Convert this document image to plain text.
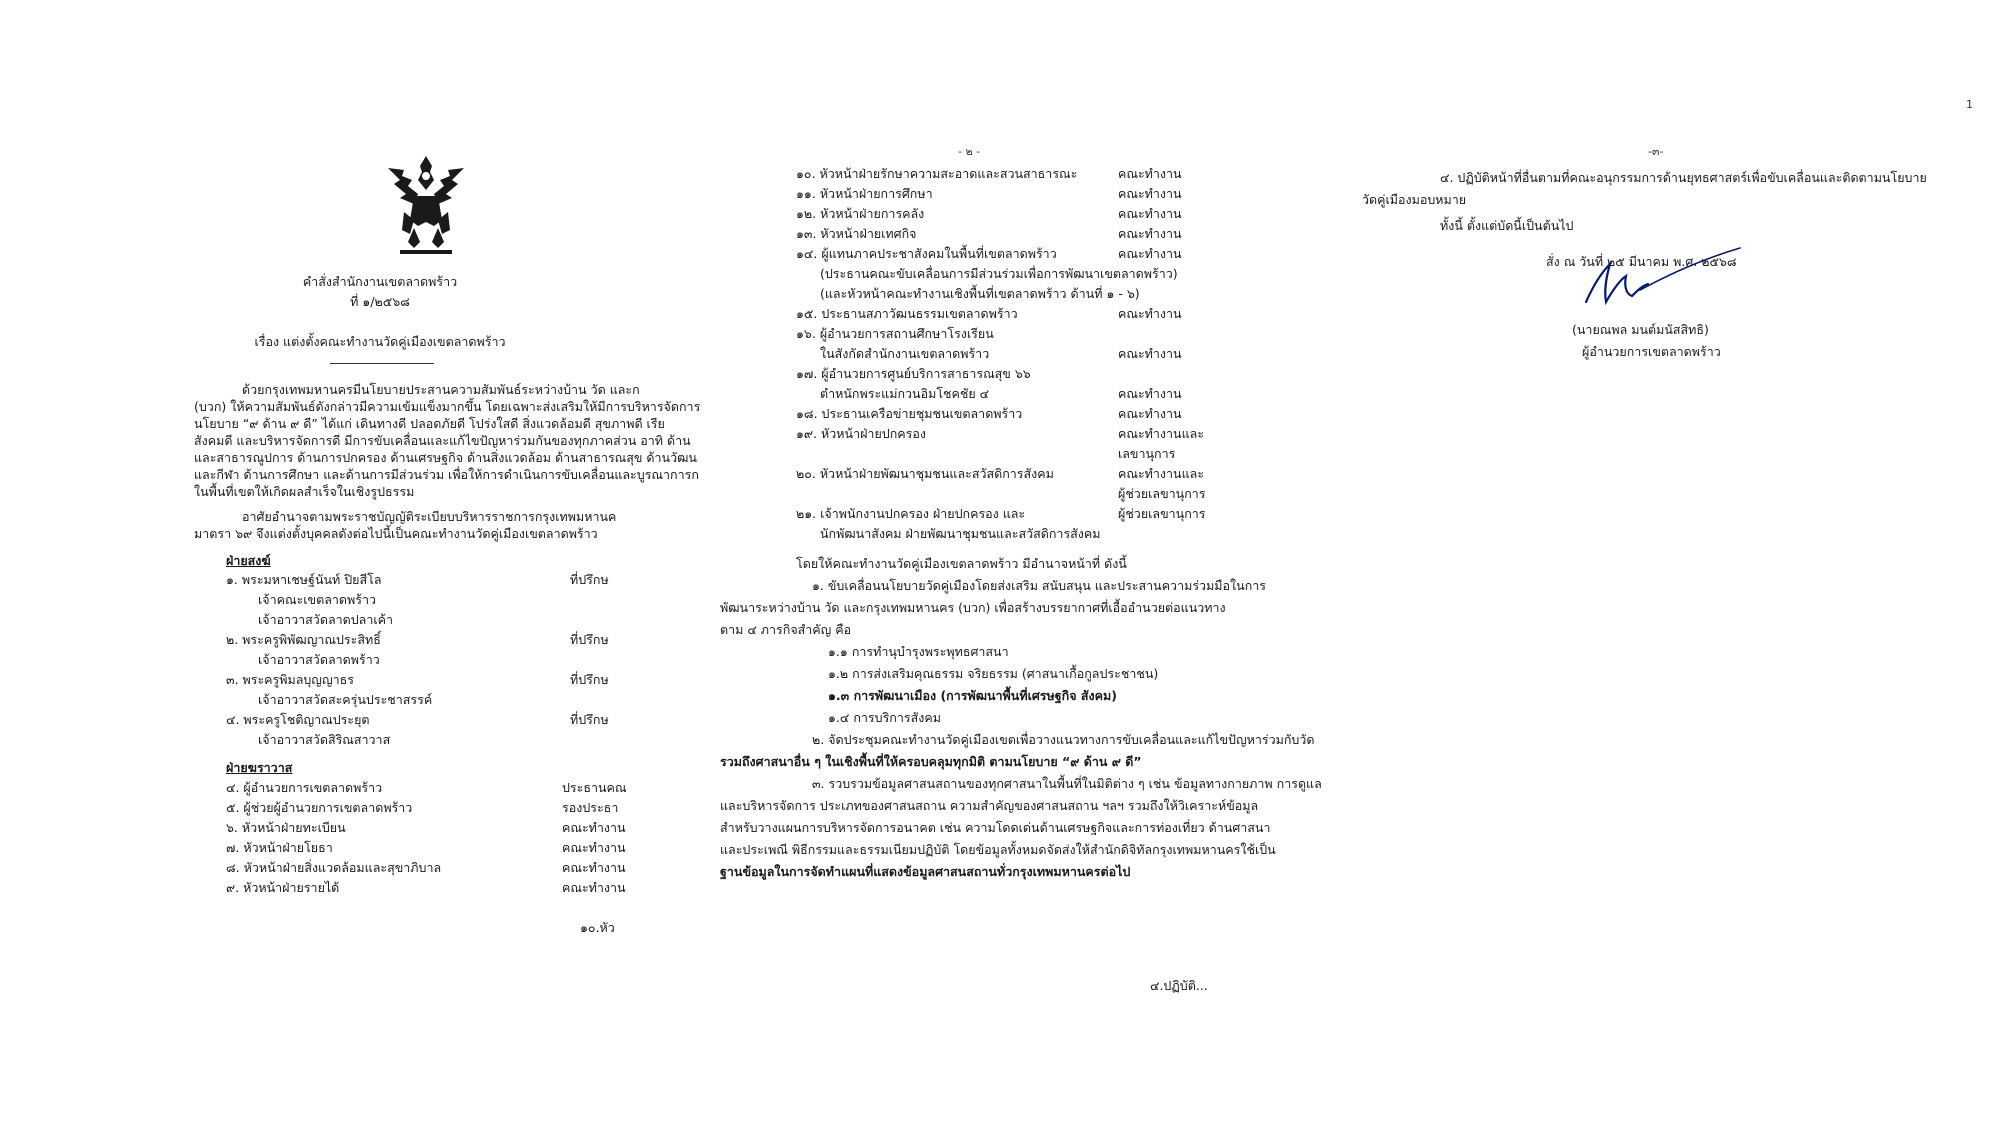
คำสั่งสำนักงานเขตลาดพร้าว
ที่ ๑/๒๕๖๘
เรื่อง แต่งตั้งคณะทำงานวัดคู่เมืองเขตลาดพร้าว
ด้วยกรุงเทพมหานครมีนโยบายประสานความสัมพันธ์ระหว่างบ้าน วัด และก
(บวก) ให้ความสัมพันธ์ดังกล่าวมีความเข้มแข็งมากขึ้น โดยเฉพาะส่งเสริมให้มีการบริหารจัดการ
นโยบาย “๙ ด้าน ๙ ดี” ได้แก่ เดินทางดี ปลอดภัยดี โปร่งใสดี สิ่งแวดล้อมดี สุขภาพดี เรีย
สังคมดี และบริหารจัดการดี มีการขับเคลื่อนและแก้ไขปัญหาร่วมกันของทุกภาคส่วน อาทิ ด้าน
และสาธารณูปการ ด้านการปกครอง ด้านเศรษฐกิจ ด้านสิ่งแวดล้อม ด้านสาธารณสุข ด้านวัฒน
และกีฬา ด้านการศึกษา และด้านการมีส่วนร่วม เพื่อให้การดำเนินการขับเคลื่อนและบูรณาการก
ในพื้นที่เขตให้เกิดผลสำเร็จในเชิงรูปธรรม
อาศัยอำนาจตามพระราชบัญญัติระเบียบบริหารราชการกรุงเทพมหานค
มาตรา ๖๙ จึงแต่งตั้งบุคคลดังต่อไปนี้เป็นคณะทำงานวัดคู่เมืองเขตลาดพร้าว
ฝ่ายสงฆ์
๑. พระมหาเชษฐ์นันท์ ปิยสีโล	ที่ปรึกษ
เจ้าคณะเขตลาดพร้าว
เจ้าอาวาสวัดลาดปลาเค้า
๒. พระครูพิพัฒญาณประสิทธิ์	ที่ปรึกษ
เจ้าอาวาสวัดลาดพร้าว
๓. พระครูพิมลบุญญาธร	ที่ปรึกษ
เจ้าอาวาสวัดสะครุ่นประชาสรรค์
๔. พระครูโชติญาณประยุต	ที่ปรึกษ
เจ้าอาวาสวัดสิริณสาวาส
ฝ่ายฆราวาส
๔. ผู้อำนวยการเขตลาดพร้าว	ประธานคณ
๕. ผู้ช่วยผู้อำนวยการเขตลาดพร้าว	รองประธา
๖. หัวหน้าฝ่ายทะเบียน	คณะทำงาน
๗. หัวหน้าฝ่ายโยธา	คณะทำงาน
๘. หัวหน้าฝ่ายสิ่งแวดล้อมและสุขาภิบาล	คณะทำงาน
๙. หัวหน้าฝ่ายรายได้	คณะทำงาน
๑๐.หัว
- ๒ -
๑๐. หัวหน้าฝ่ายรักษาความสะอาดและสวนสาธารณะ	คณะทำงาน
๑๑. หัวหน้าฝ่ายการศึกษา	คณะทำงาน
๑๒. หัวหน้าฝ่ายการคลัง	คณะทำงาน
๑๓. หัวหน้าฝ่ายเทศกิจ	คณะทำงาน
๑๔. ผู้แทนภาคประชาสังคมในพื้นที่เขตลาดพร้าว	คณะทำงาน
(ประธานคณะขับเคลื่อนการมีส่วนร่วมเพื่อการพัฒนาเขตลาดพร้าว)
(และหัวหน้าคณะทำงานเชิงพื้นที่เขตลาดพร้าว ด้านที่ ๑ - ๖)
๑๕. ประธานสภาวัฒนธรรมเขตลาดพร้าว	คณะทำงาน
๑๖. ผู้อำนวยการสถานศึกษาโรงเรียน
ในสังกัดสำนักงานเขตลาดพร้าว	คณะทำงาน
๑๗. ผู้อำนวยการศูนย์บริการสาธารณสุข ๖๖
ตำหนักพระแม่กวนอิมโชคชัย ๔	คณะทำงาน
๑๘. ประธานเครือข่ายชุมชนเขตลาดพร้าว	คณะทำงาน
๑๙. หัวหน้าฝ่ายปกครอง	คณะทำงานและ
เลขานุการ
๒๐. หัวหน้าฝ่ายพัฒนาชุมชนและสวัสดิการสังคม	คณะทำงานและ
ผู้ช่วยเลขานุการ
๒๑. เจ้าพนักงานปกครอง ฝ่ายปกครอง และ	ผู้ช่วยเลขานุการ
นักพัฒนาสังคม ฝ่ายพัฒนาชุมชนและสวัสดิการสังคม
โดยให้คณะทำงานวัดคู่เมืองเขตลาดพร้าว มีอำนาจหน้าที่ ดังนี้
๑. ขับเคลื่อนนโยบายวัดคู่เมืองโดยส่งเสริม สนับสนุน และประสานความร่วมมือในการ
พัฒนาระหว่างบ้าน วัด และกรุงเทพมหานคร (บวก) เพื่อสร้างบรรยากาศที่เอื้ออำนวยต่อแนวทาง
ตาม ๔ ภารกิจสำคัญ คือ
๑.๑ การทำนุบำรุงพระพุทธศาสนา
๑.๒ การส่งเสริมคุณธรรม จริยธรรม (ศาสนาเกื้อกูลประชาชน)
๑.๓ การพัฒนาเมือง (การพัฒนาพื้นที่เศรษฐกิจ สังคม)
๑.๔ การบริการสังคม
๒. จัดประชุมคณะทำงานวัดคู่เมืองเขตเพื่อวางแนวทางการขับเคลื่อนและแก้ไขปัญหาร่วมกับวัด
รวมถึงศาสนาอื่น ๆ ในเชิงพื้นที่ให้ครอบคลุมทุกมิติ ตามนโยบาย “๙ ด้าน ๙ ดี”
๓. รวบรวมข้อมูลศาสนสถานของทุกศาสนาในพื้นที่ในมิติต่าง ๆ เช่น ข้อมูลทางกายภาพ การดูแล
และบริหารจัดการ ประเภทของศาสนสถาน ความสำคัญของศาสนสถาน ฯลฯ รวมถึงให้วิเคราะห์ข้อมูล
สำหรับวางแผนการบริหารจัดการอนาคต เช่น ความโดดเด่นด้านเศรษฐกิจและการท่องเที่ยว ด้านศาสนา
และประเพณี พิธีกรรมและธรรมเนียมปฏิบัติ โดยข้อมูลทั้งหมดจัดส่งให้สำนักดิจิทัลกรุงเทพมหานครใช้เป็น
ฐานข้อมูลในการจัดทำแผนที่แสดงข้อมูลศาสนสถานทั่วกรุงเทพมหานครต่อไป
๔.ปฏิบัติ...
-๓-
1
๔. ปฏิบัติหน้าที่อื่นตามที่คณะอนุกรรมการด้านยุทธศาสตร์เพื่อขับเคลื่อนและติดตามนโยบาย
วัดคู่เมืองมอบหมาย
ทั้งนี้ ตั้งแต่บัดนี้เป็นต้นไป
สั่ง ณ วันที่ ๒๕ มีนาคม พ.ศ. ๒๕๖๘
(นายณพล มนต์มนัสสิทธิ)
ผู้อำนวยการเขตลาดพร้าว
